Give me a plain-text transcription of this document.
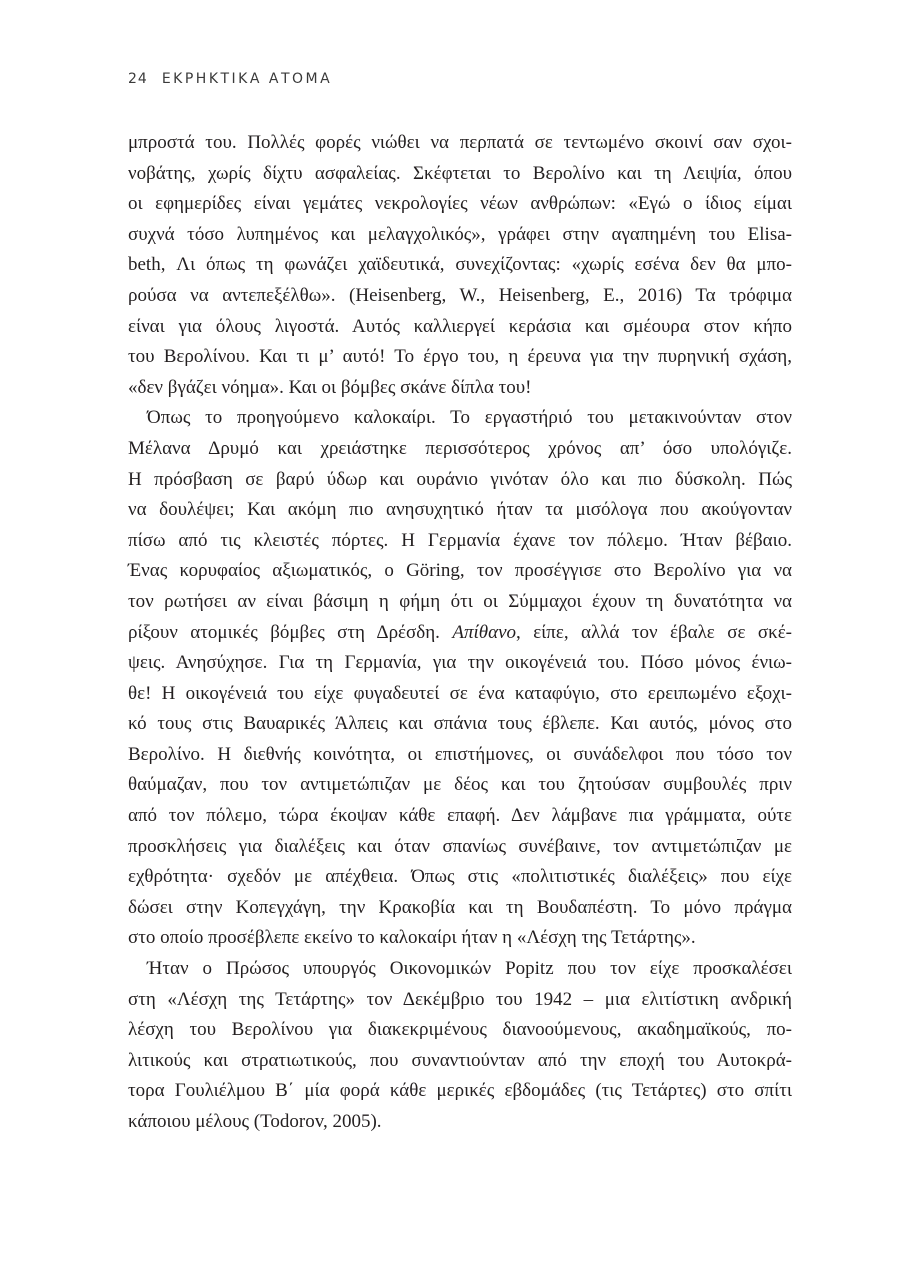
24 ΕΚΡΗΚΤΙΚΑ ΑΤΟΜΑ
μπροστά του. Πολλές φορές νιώθει να περπατά σε τεντωμένο σκοινί σαν σχοι-
νοβάτης, χωρίς δίχτυ ασφαλείας. Σκέφτεται το Βερολίνο και τη Λειψία, όπου
οι εφημερίδες είναι γεμάτες νεκρολογίες νέων ανθρώπων: «Εγώ ο ίδιος είμαι
συχνά τόσο λυπημένος και μελαγχολικός», γράφει στην αγαπημένη του Elisa-
beth, Λι όπως τη φωνάζει χαϊδευτικά, συνεχίζοντας: «χωρίς εσένα δεν θα μπο-
ρούσα να αντεπεξέλθω». (Heisenberg, W., Heisenberg, E., 2016) Τα τρόφιμα
είναι για όλους λιγοστά. Αυτός καλλιεργεί κεράσια και σμέουρα στον κήπο
του Βερολίνου. Και τι μ’ αυτό! Το έργο του, η έρευνα για την πυρηνική σχάση,
«δεν βγάζει νόημα». Και οι βόμβες σκάνε δίπλα του!
Όπως το προηγούμενο καλοκαίρι. Το εργαστήριό του μετακινούνταν στον
Μέλανα Δρυμό και χρειάστηκε περισσότερος χρόνος απ’ όσο υπολόγιζε.
Η πρόσβαση σε βαρύ ύδωρ και ουράνιο γινόταν όλο και πιο δύσκολη. Πώς
να δουλέψει; Και ακόμη πιο ανησυχητικό ήταν τα μισόλογα που ακούγονταν
πίσω από τις κλειστές πόρτες. Η Γερμανία έχανε τον πόλεμο. Ήταν βέβαιο.
Ένας κορυφαίος αξιωματικός, ο Göring, τον προσέγγισε στο Βερολίνο για να
τον ρωτήσει αν είναι βάσιμη η φήμη ότι οι Σύμμαχοι έχουν τη δυνατότητα να
ρίξουν ατομικές βόμβες στη Δρέσδη. Απίθανο, είπε, αλλά τον έβαλε σε σκέ-
ψεις. Ανησύχησε. Για τη Γερμανία, για την οικογένειά του. Πόσο μόνος ένιω-
θε! Η οικογένειά του είχε φυγαδευτεί σε ένα καταφύγιο, στο ερειπωμένο εξοχι-
κό τους στις Βαυαρικές Άλπεις και σπάνια τους έβλεπε. Και αυτός, μόνος στο
Βερολίνο. Η διεθνής κοινότητα, οι επιστήμονες, οι συνάδελφοι που τόσο τον
θαύμαζαν, που τον αντιμετώπιζαν με δέος και του ζητούσαν συμβουλές πριν
από τον πόλεμο, τώρα έκοψαν κάθε επαφή. Δεν λάμβανε πια γράμματα, ούτε
προσκλήσεις για διαλέξεις και όταν σπανίως συνέβαινε, τον αντιμετώπιζαν με
εχθρότητα· σχεδόν με απέχθεια. Όπως στις «πολιτιστικές διαλέξεις» που είχε
δώσει στην Κοπεγχάγη, την Κρακοβία και τη Βουδαπέστη. Το μόνο πράγμα
στο οποίο προσέβλεπε εκείνο το καλοκαίρι ήταν η «Λέσχη της Τετάρτης».
Ήταν ο Πρώσος υπουργός Οικονομικών Popitz που τον είχε προσκαλέσει
στη «Λέσχη της Τετάρτης» τον Δεκέμβριο του 1942 – μια ελιτίστικη ανδρική
λέσχη του Βερολίνου για διακεκριμένους διανοούμενους, ακαδημαϊκούς, πο-
λιτικούς και στρατιωτικούς, που συναντιούνταν από την εποχή του Αυτοκρά-
τορα Γουλιέλμου Β΄ μία φορά κάθε μερικές εβδομάδες (τις Τετάρτες) στο σπίτι
κάποιου μέλους (Todorov, 2005).
